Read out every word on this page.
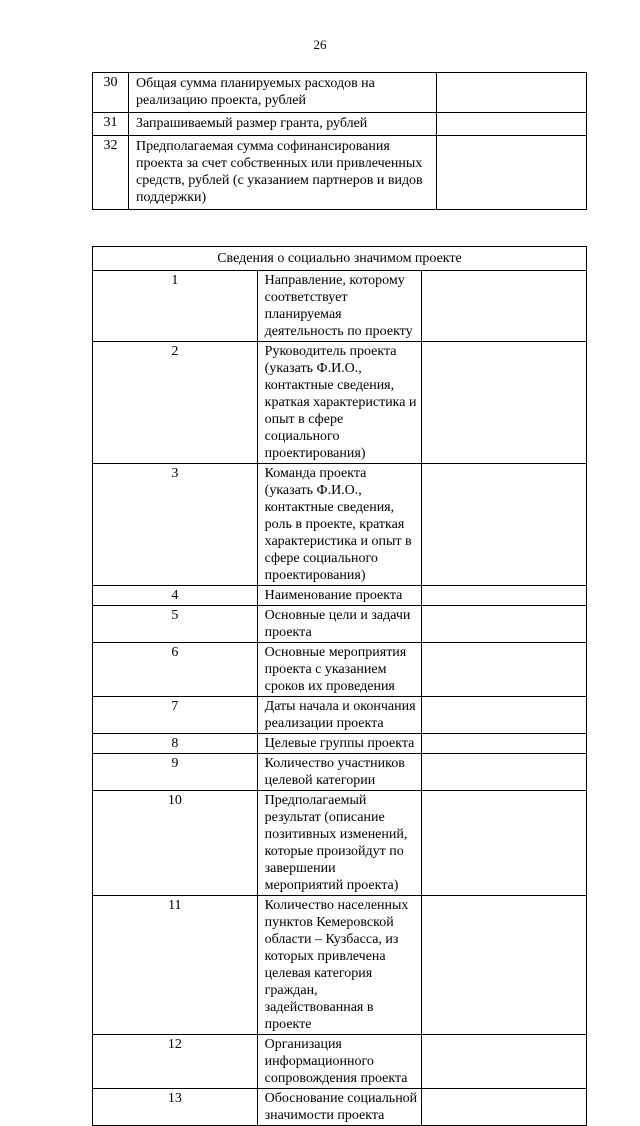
26
30	Общая сумма планируемых расходов на реализацию проекта, рублей	
31	Запрашиваемый размер гранта, рублей	
32	Предполагаемая сумма софинансирования проекта за счет собственных или привлеченных средств, рублей (с указанием партнеров и видов поддержки)	
Сведения о социально значимом проекте		
1	Направление, которому соответствует планируемая деятельность по проекту	
2	Руководитель проекта (указать Ф.И.О., контактные сведения, краткая характеристика и опыт в сфере социального проектирования)	
3	Команда проекта (указать Ф.И.О., контактные сведения, роль в проекте, краткая характеристика и опыт в сфере социального проектирования)	
4	Наименование проекта	
5	Основные цели и задачи проекта	
6	Основные мероприятия проекта с указанием сроков их проведения	
7	Даты начала и окончания реализации проекта	
8	Целевые группы проекта	
9	Количество участников целевой категории	
10	Предполагаемый результат (описание позитивных изменений, которые произойдут по завершении мероприятий проекта)	
11	Количество населенных пунктов Кемеровской области – Кузбасса, из которых привлечена целевая категория граждан, задействованная в проекте	
12	Организация информационного сопровождения проекта	
13	Обоснование социальной значимости проекта	
